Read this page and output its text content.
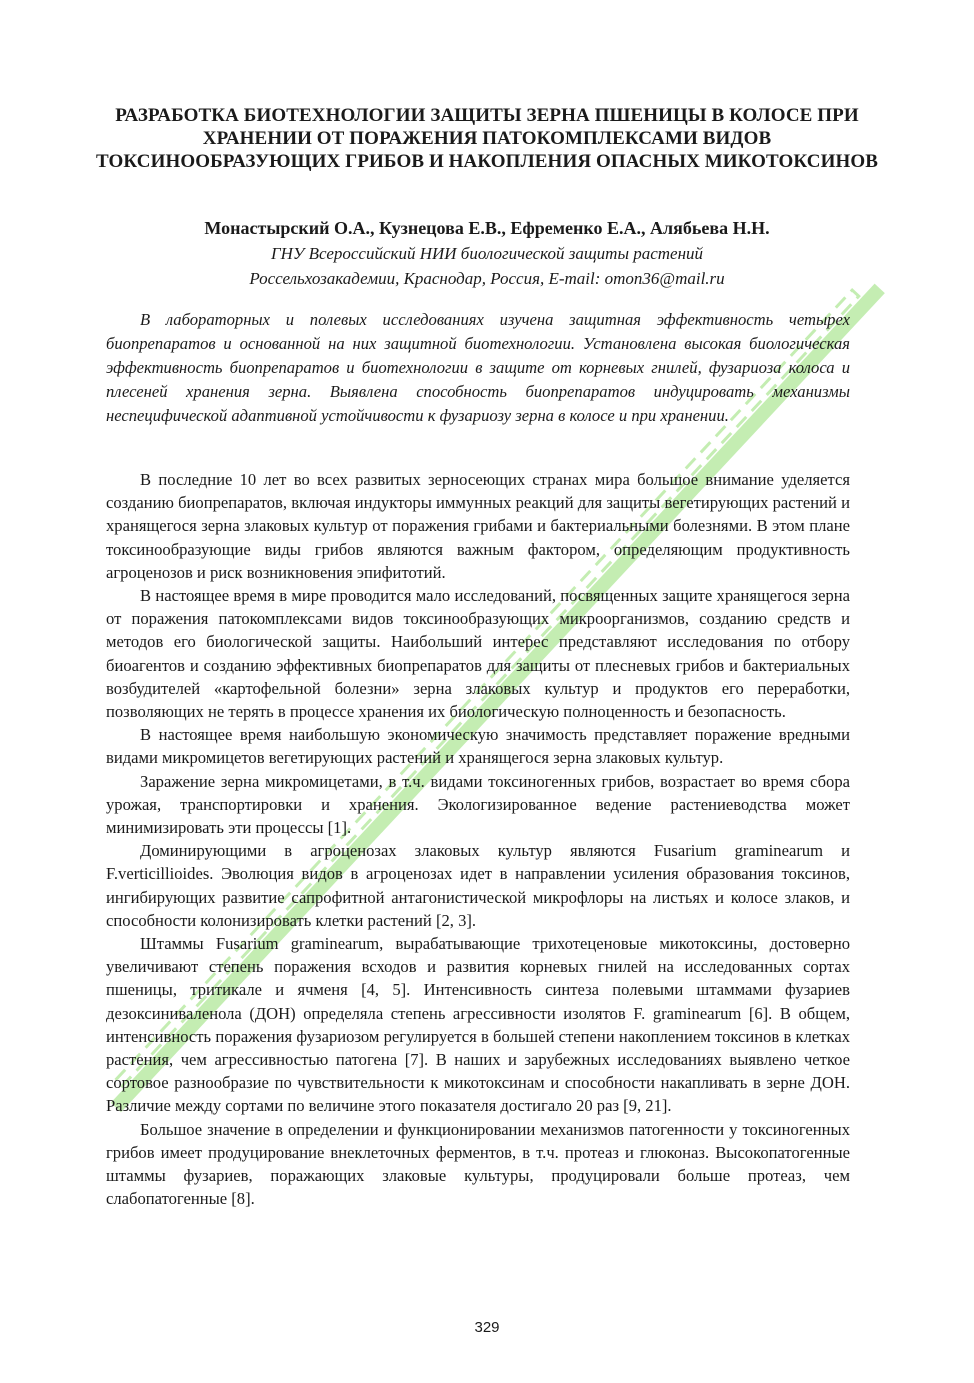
РАЗРАБОТКА БИОТЕХНОЛОГИИ ЗАЩИТЫ ЗЕРНА ПШЕНИЦЫ В КОЛОСЕ ПРИ ХРАНЕНИИ ОТ ПОРАЖЕНИЯ ПАТОКОМПЛЕКСАМИ ВИДОВ ТОКСИНООБРАЗУЮЩИХ ГРИБОВ И НАКОПЛЕНИЯ ОПАСНЫХ МИКОТОКСИНОВ
Монастырский О.А., Кузнецова Е.В., Ефременко Е.А., Алябьева Н.Н.
ГНУ Всероссийский НИИ биологической защиты растений
Россельхозакадемии, Краснодар, Россия, E-mail: omon36@mail.ru
В лабораторных и полевых исследованиях изучена защитная эффективность четырех биопрепаратов и основанной на них защитной биотехнологии. Установлена высокая биологическая эффективность биопрепаратов и биотехнологии в защите от корневых гнилей, фузариоза колоса и плесеней хранения зерна. Выявлена способность биопрепаратов индуцировать механизмы неспецифической адаптивной устойчивости к фузариозу зерна в колосе и при хранении.

В последние 10 лет во всех развитых зерносеющих странах мира большое внимание уделяется созданию биопрепаратов, включая индукторы иммунных реакций для защиты вегетирующих растений и хранящегося зерна злаковых культур от поражения грибами и бактериальными болезнями. В этом плане токсинообразующие виды грибов являются важным фактором, определяющим продуктивность агроценозов и риск возникновения эпифитотий.

В настоящее время в мире проводится мало исследований, посвященных защите хранящегося зерна от поражения патокомплексами видов токсинообразующих микроорганизмов, созданию средств и методов его биологической защиты. Наибольший интерес представляют исследования по отбору биоагентов и созданию эффективных биопрепаратов для защиты от плесневых грибов и бактериальных возбудителей «картофельной болезни» зерна злаковых культур и продуктов его переработки, позволяющих не терять в процессе хранения их биологическую полноценность и безопасность.

В настоящее время наибольшую экономическую значимость представляет поражение вредными видами микромицетов вегетирующих растений и хранящегося зерна злаковых культур.

Заражение зерна микромицетами, в т.ч. видами токсиногенных грибов, возрастает во время сбора урожая, транспортировки и хранения. Экологизированное ведение растениеводства может минимизировать эти процессы [1].

Доминирующими в агроценозах злаковых культур являются Fusarium graminearum и F.verticillioides. Эволюция видов в агроценозах идет в направлении усиления образования токсинов, ингибирующих развитие сапрофитной антагонистической микрофлоры на листьях и колосе злаков, и способности колонизировать клетки растений [2, 3].

Штаммы Fusarium graminearum, вырабатывающие трихотеценовые микотоксины, достоверно увеличивают степень поражения всходов и развития корневых гнилей на исследованных сортах пшеницы, тритикале и ячменя [4, 5]. Интенсивность синтеза полевыми штаммами фузариев дезоксиниваленола (ДОН) определяла степень агрессивности изолятов F. graminearum [6]. В общем, интенсивность поражения фузариозом регулируется в большей степени накоплением токсинов в клетках растения, чем агрессивностью патогена [7]. В наших и зарубежных исследованиях выявлено четкое сортовое разнообразие по чувствительности к микотоксинам и способности накапливать в зерне ДОН. Различие между сортами по величине этого показателя достигало 20 раз [9, 21].

Большое значение в определении и функционировании механизмов патогенности у токсиногенных грибов имеет продуцирование внеклеточных ферментов, в т.ч. протеаз и глюконаз. Высокопатогенные штаммы фузариев, поражающих злаковые культуры, продуцировали больше протеаз, чем слабопатогенные [8].

329
